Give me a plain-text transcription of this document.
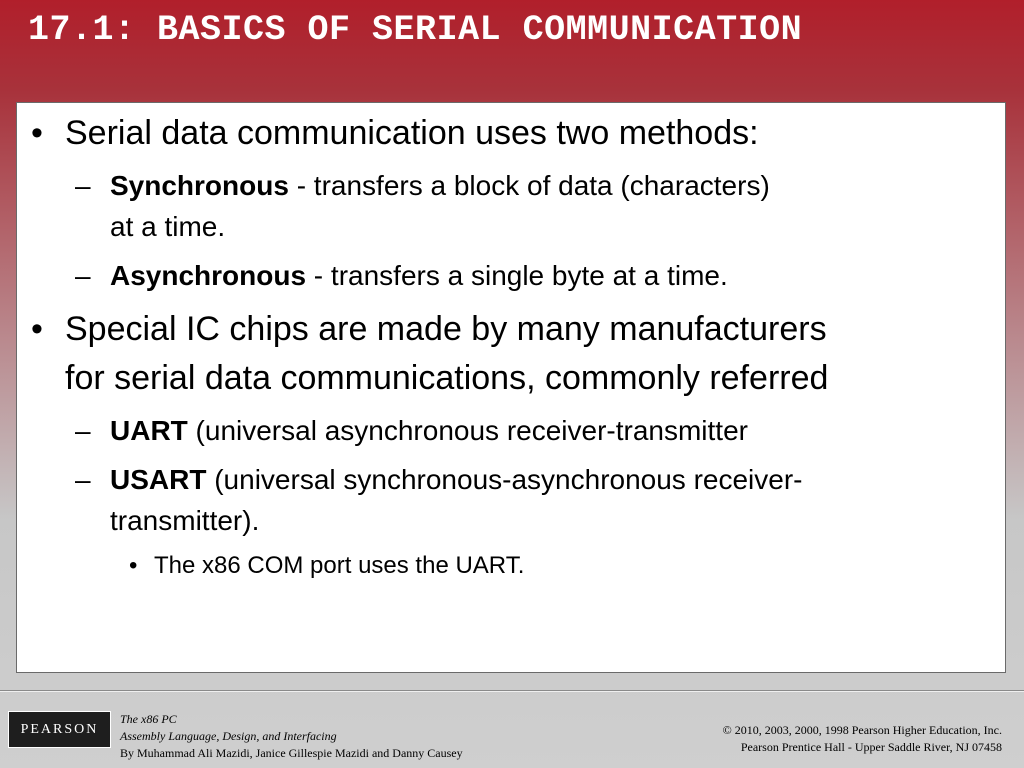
17.1: BASICS OF SERIAL COMMUNICATION
• Serial data communication uses two methods:
– Synchronous - transfers a block of data (characters)
at a time.
– Asynchronous - transfers a single byte at a time.
• Special IC chips are made by many manufacturers
for serial data communications, commonly referred
– UART (universal asynchronous receiver-transmitter
– USART (universal synchronous-asynchronous receiver-
transmitter).
• The x86 COM port uses the UART.
PEARSON
The x86 PC
Assembly Language, Design, and Interfacing
By Muhammad Ali Mazidi, Janice Gillespie Mazidi and Danny Causey
© 2010, 2003, 2000, 1998 Pearson Higher Education, Inc.
Pearson Prentice Hall - Upper Saddle River, NJ 07458
